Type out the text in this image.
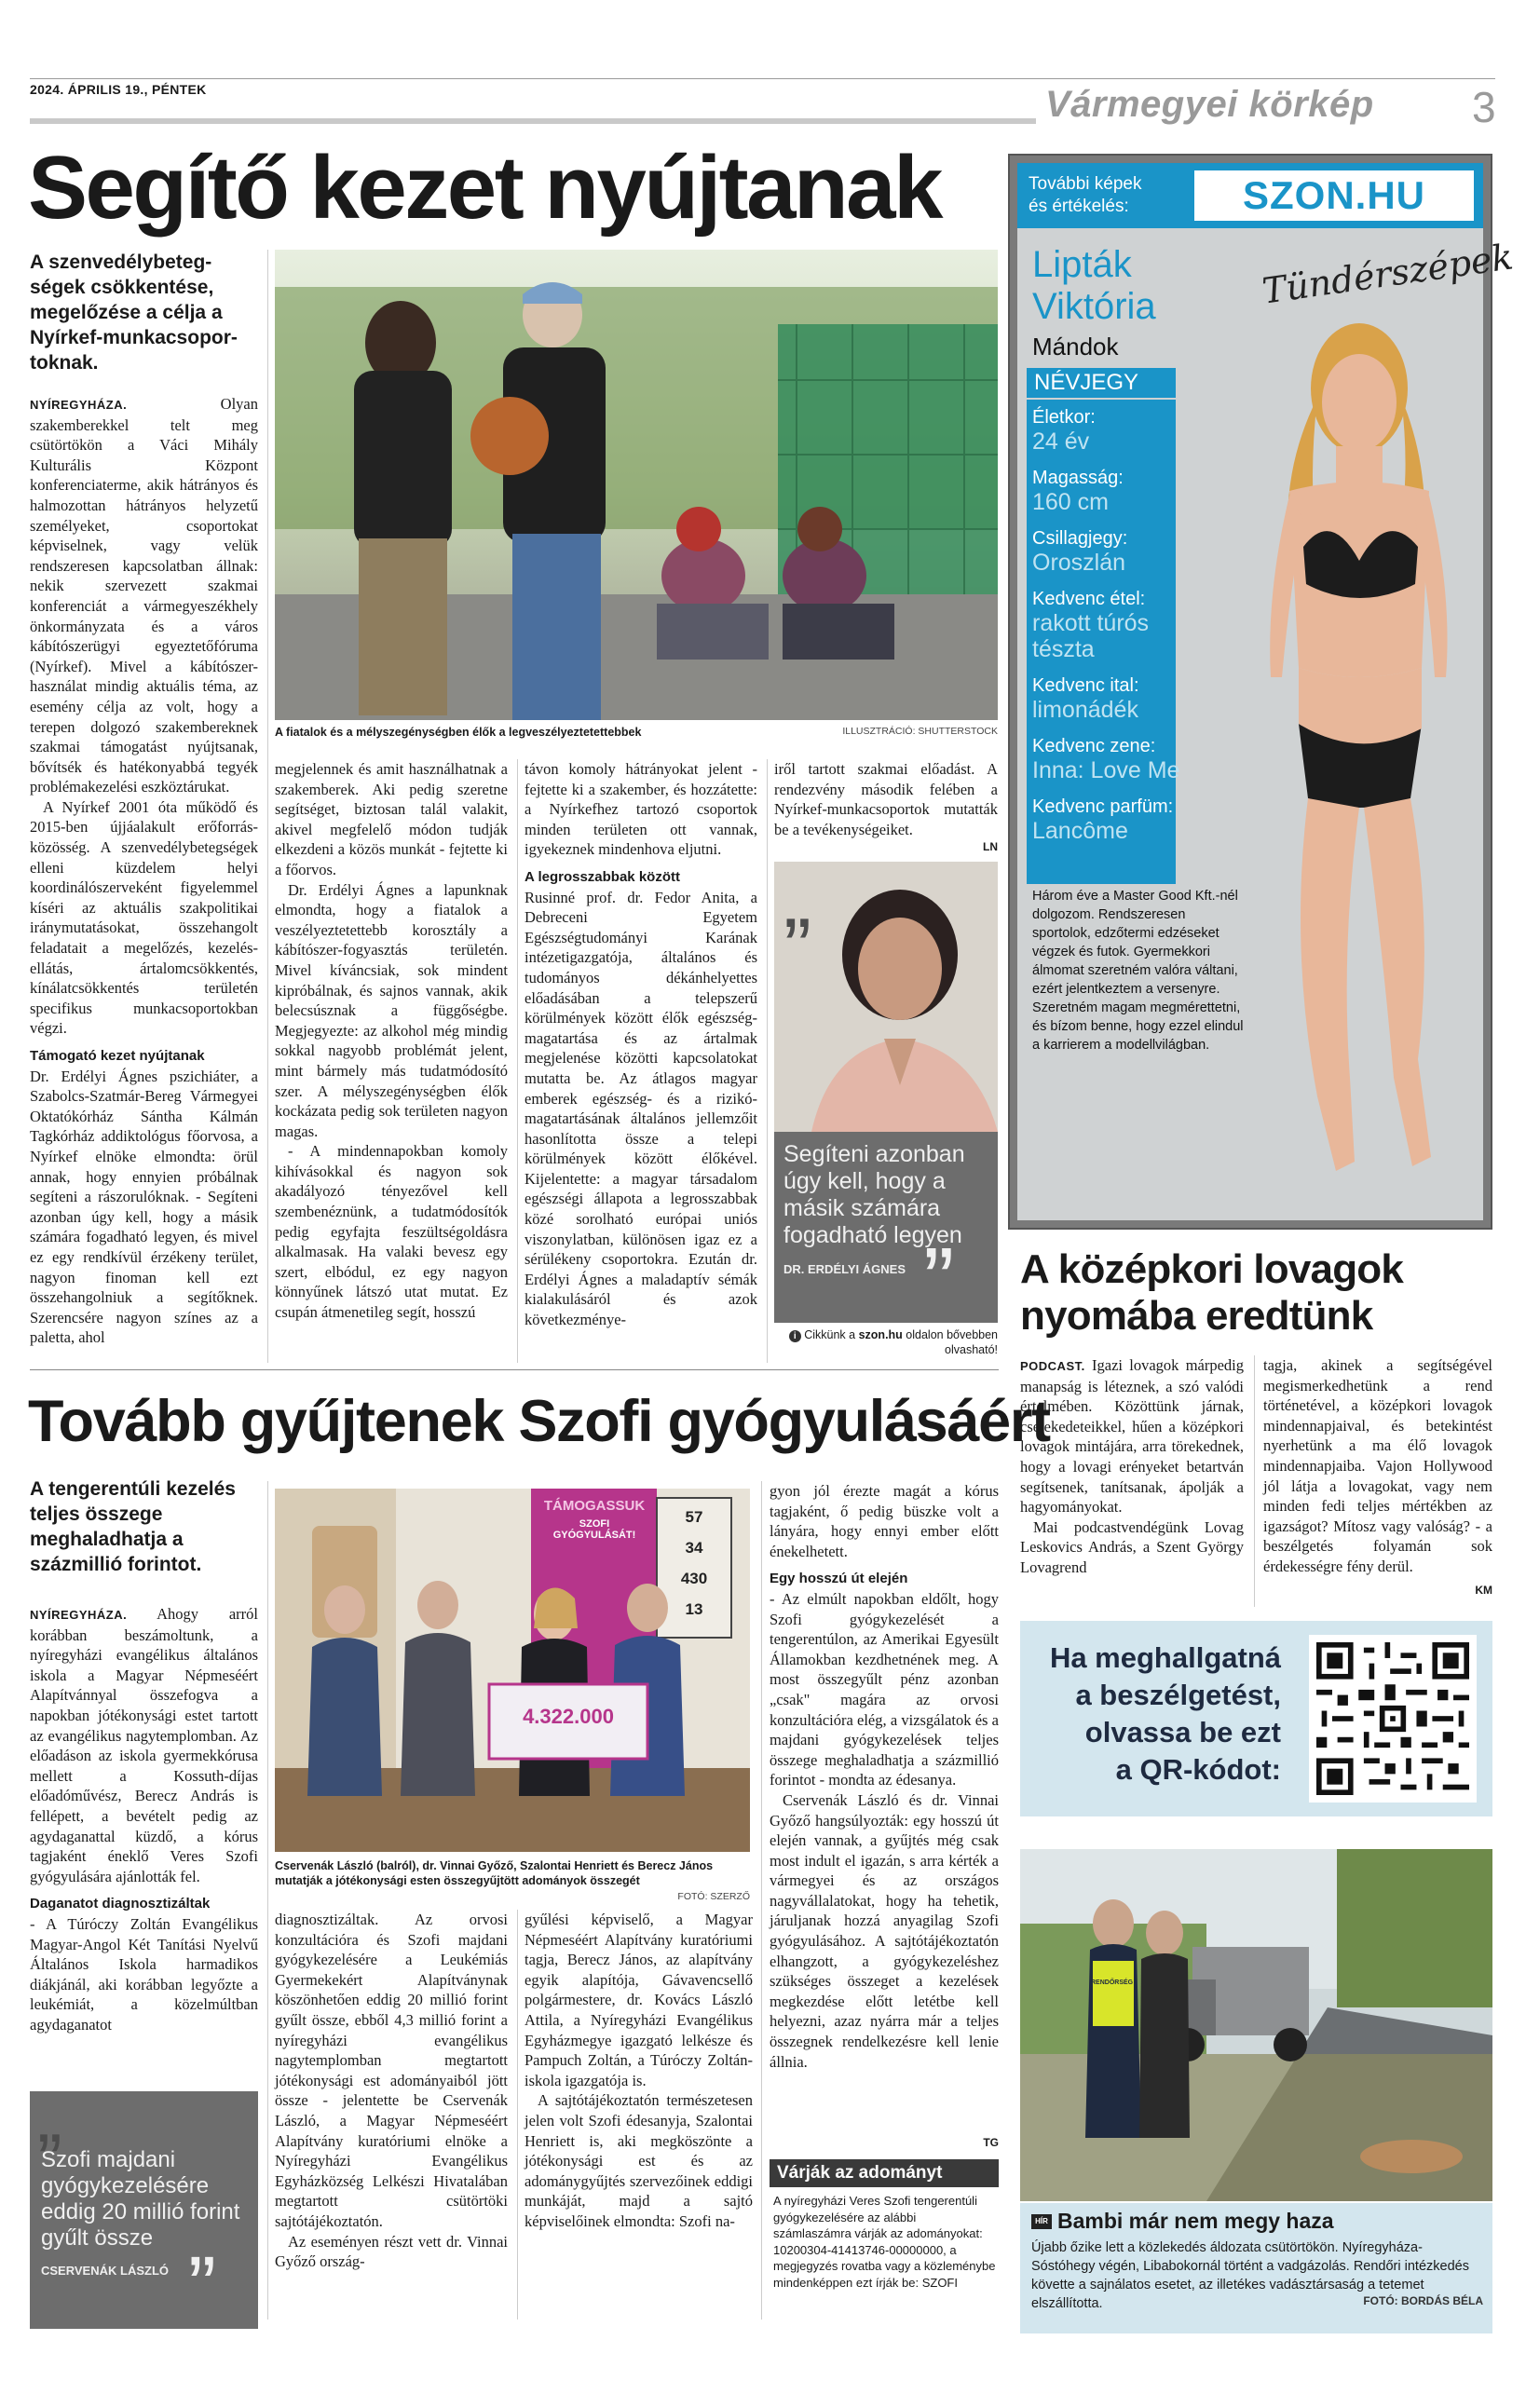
2024. ÁPRILIS 19., PÉNTEK	Vármegyei körkép 3
Segítő kezet nyújtanak
A szenvedélybeteg-ségek csökkentése, megelőzése a célja a Nyírkef-munkacsopor-toknak.
A fiatalok és a mélyszegénységben élők a legveszélyeztetettebbek	ILLUSZTRÁCIÓ: SHUTTERSTOCK

NYÍREGYHÁZA.	Olyan szakemberekkel telt meg csütörtökön a Váci Mihály Kulturális Központ konferenciaterme, akik hátrányos és halmozottan hátrányos helyzetű személyeket, csoportokat képviselnek, vagy velük rendszeresen kapcsolatban állnak: nekik szervezett szakmai konferenciát a vármegyeszékhely önkormányzata és a város kábítószerügyi egyeztetőfóruma (Nyírkef). Mivel a kábítószer-használat mindig aktuális téma, az esemény célja az volt, hogy a terepen dolgozó szakembereknek szakmai támogatást nyújtsanak, bővítsék és hatékonyabbá tegyék problémakezelési eszköztárukat.

A Nyírkef 2001 óta működő és 2015-ben újjáalakult erőforrás-közösség. A szenvedélybetegségek elleni küzdelem helyi koordinálószerveként figyelemmel kíséri az aktuális szakpolitikai iránymutatásokat, összehangolt feladatait a megelőzés, kezelés-ellátás, ártalomcsökkentés, kínálatcsökkentés területén specifikus munkacsoportokban végzi.

Támogató kezet nyújtanak

Dr. Erdélyi Ágnes pszichiáter, a Szabolcs-Szatmár-Bereg Vármegyei Oktatókórház Sántha Kálmán Tagkórház addiktológus főorvosa, a Nyírkef elnöke elmondta: örül annak, hogy ennyien próbálnak segíteni a rászorulóknak. - Segíteni azonban úgy kell, hogy a másik számára fogadható legyen, és mivel ez egy rendkívül érzékeny terület, nagyon finoman kell ezt összehangolniuk a segítőknek. Szerencsére nagyon színes az a paletta, ahol

megjelennek és amit használhatnak a szakemberek. Aki pedig szeretne segítséget, biztosan talál valakit, akivel megfelelő módon tudják elkezdeni a közös munkát - fejtette ki a főorvos.

Dr. Erdélyi Ágnes a lapunknak elmondta, hogy a fiatalok a veszélyeztetettebb korosztály a kábítószer-fogyasztás területén. Mivel kíváncsiak, sok mindent kipróbálnak, és sajnos vannak, akik belecsúsznak a függőségbe. Megjegyezte: az alkohol még mindig sokkal nagyobb problémát jelent, mint bármely más tudatmódosító szer. A mélyszegénységben élők kockázata pedig sok területen nagyon magas.

- A mindennapokban komoly kihívásokkal és nagyon sok akadályozó tényezővel kell szembenéznünk, a tudatmódosítók pedig egyfajta feszültségoldásra alkalmasak. Ha valaki bevesz egy szert, elbódul, ez egy nagyon könnyűnek látszó utat mutat. Ez csupán átmenetileg segít, hosszú

távon komoly hátrányokat jelent - fejtette ki a szakember, és hozzátette: a Nyírkefhez tartozó csoportok minden területen ott vannak, igyekeznek mindenhova eljutni.

A legrosszabbak között

Rusinné prof. dr. Fedor Anita, a Debreceni Egyetem Egészségtudományi Karának intézetigazgatója, általános és tudományos dékánhelyettes előadásában a telepszerű körülmények között élők egészség-magatartása és az ártalmak megjelenése közötti kapcsolatokat mutatta be. Az átlagos magyar emberek egészség- és a rizikó-magatartásának általános jellemzőit hasonlította össze a telepi körülmények között élőkével. Kijelentette: a magyar társadalom egészségi állapota a legrosszabbak közé sorolható európai uniós viszonylatban, különösen igaz ez a sérülékeny csoportokra. Ezután dr. Erdélyi Ágnes a maladaptív sémák kialakulásáról és azok következménye-

iről tartott szakmai előadást. A rendezvény második felében a Nyírkef-munkacsoportok mutatták be a tevékenységeiket.

LN
„
Segíteni azonban úgy kell, hogy a másik számára fogadható legyen
DR. ERDÉLYI ÁGNES ”
i Cikkünk a szon.hu oldalon bővebben olvasható!
További képek
és értékelés:	SZON.HU
Tündérszépek
Lipták
Viktória
Mándok
NÉVJEGY
Életkor:
24 év
Magasság:
160 cm
Csillagjegy:
Oroszlán
Kedvenc étel:
rakott túrós tészta
Kedvenc ital:
limonádék
Kedvenc zene:
Inna: Love Me
Kedvenc parfüm:
Lancôme
Három éve a Master Good Kft.-nél dolgozom. Rendszeresen sportolok, edzőtermi edzéseket végzek és futok. Gyermekkori álmomat szeretném valóra váltani, ezért jelentkeztem a versenyre. Szeretném magam megmérettetni, és bízom benne, hogy ezzel elindul a karrierem a modellvilágban.
A középkori lovagok
nyomába eredtünk

PODCAST. Igazi lovagok márpedig manapság is léteznek, a szó valódi értelmében. Közöttünk járnak, cselekedeteikkel, hűen a középkori lovagok mintájára, arra törekednek, hogy a lovagi erényeket betartván segítsenek, tanítsanak, ápolják a hagyományokat.

Mai podcastvendégünk Lovag Leskovics András, a Szent György Lovagrend

tagja, akinek a segítségével megismerkedhetünk a rend történetével, a középkori lovagok mindennapjaival, és betekintést nyerhetünk a ma élő lovagok mindennapjaiba. Vajon Hollywood jól látja a lovagokat, vagy nem minden fedi teljes mértékben az igazságot? Mítosz vagy valóság? - a beszélgetés folyamán sok érdekességre fény derül.

KM
Ha meghallgatná
a beszélgetést,
olvassa be ezt
a QR-kódot:
Tovább gyűjtenek Szofi gyógyulásáért
A tengerentúli kezelés teljes összege meghaladhatja a százmillió forintot.
TÁMOGASSUK
SZOFI GYÓGYULÁSÁT!
4.322.000
57
34
430
13
Cservenák László (balról), dr. Vinnai Győző, Szalontai Henriett és Berecz János mutatják a jótékonysági esten összegyűjtött adományok összegét
FOTÓ: SZERZŐ

NYÍREGYHÁZA. Ahogy arról korábban beszámoltunk, a nyíregyházi evangélikus általános iskola a Magyar Népmeséért Alapítvánnyal összefogva a napokban jótékonysági estet tartott az evangélikus nagytemplomban. Az előadáson az iskola gyermekkórusa mellett a Kossuth-díjas előadóművész, Berecz András is fellépett, a bevételt pedig az agydaganattal küzdő, a kórus tagjaként éneklő Veres Szofi gyógyulására ajánlották fel.

Daganatot diagnosztizáltak

- A Túróczy Zoltán Evangélikus Magyar-Angol Két Tanítási Nyelvű Általános Iskola harmadikos diákjánál, aki korábban legyőzte a leukémiát, a közelmúltban agydaganatot

„
Szofi majdani gyógykezelésére eddig 20 millió forint gyűlt össze
CSERVENÁK LÁSZLÓ ”

diagnosztizáltak. Az orvosi konzultációra és Szofi majdani gyógykezelésére a Leukémiás Gyermekekért Alapítványnak köszönhetően eddig 20 millió forint gyűlt össze, ebből 4,3 millió forint a nyíregyházi evangélikus nagytemplomban megtartott jótékonysági est adományaiból jött össze - jelentette be Cservenák László, a Magyar Népmeséért Alapítvány kuratóriumi elnöke a Nyíregyházi Evangélikus Egyházközség Lelkészi Hivatalában megtartott csütörtöki sajtótájékoztatón.

Az eseményen részt vett dr. Vinnai Győző ország-

gyűlési képviselő, a Magyar Népmeséért Alapítvány kuratóriumi tagja, Berecz János, az alapítvány egyik alapítója, Gávavencsellő polgármestere, dr. Kovács László Attila, a Nyíregyházi Evangélikus Egyházmegye igazgató lelkésze és Pampuch Zoltán, a Túróczy Zoltán-iskola igazgatója is.

A sajtótájékoztatón természetesen jelen volt Szofi édesanyja, Szalontai Henriett is, aki megköszönte a jótékonysági est és az adománygyűjtés szervezőinek eddigi munkáját, majd a sajtó képviselőinek elmondta: Szofi na-

gyon jól érezte magát a kórus tagjaként, ő pedig büszke volt a lányára, hogy ennyi ember előtt énekelhetett.

Egy hosszú út elején

- Az elmúlt napokban eldőlt, hogy Szofi gyógykezelését a tengerentúlon, az Amerikai Egyesült Államokban kezdhetnének meg. A most összegyűlt pénz azonban „csak" magára az orvosi konzultációra elég, a vizsgálatok és a majdani gyógykezelések teljes összege meghaladhatja a százmillió forintot - mondta az édesanya.

Cservenák László és dr. Vinnai Győző hangsúlyozták: egy hosszú út elején vannak, a gyűjtés még csak most indult el igazán, s arra kérték a vármegyei és az országos nagyvállalatokat, hogy ha tehetik, járuljanak hozzá anyagilag Szofi gyógyulásához. A sajtótájékoztatón elhangzott, a gyógykezeléshez szükséges összeget a kezelések megkezdése előtt letétbe kell helyezni, azaz nyárra már a teljes összegnek rendelkezésre kell lenie állnia.

TG
Várják az adományt
A nyíregyházi Veres Szofi tengerentúli gyógykezelésére az alábbi számlaszámra várják az adományokat: 10200304-41413746-00000000, a megjegyzés rovatba vagy a közleménybe mindenképpen ezt írják be: SZOFI
RENDŐRSÉG
HÍR Bambi már nem megy haza
Újabb őzike lett a közlekedés áldozata csütörtökön. Nyíregyháza-Sóstóhegy végén, Libabokornál történt a vadgázolás. Rendőri intézkedés követte a sajnálatos esetet, az illetékes vadásztársaság a tetemet elszállította.	FOTÓ: BORDÁS BÉLA
